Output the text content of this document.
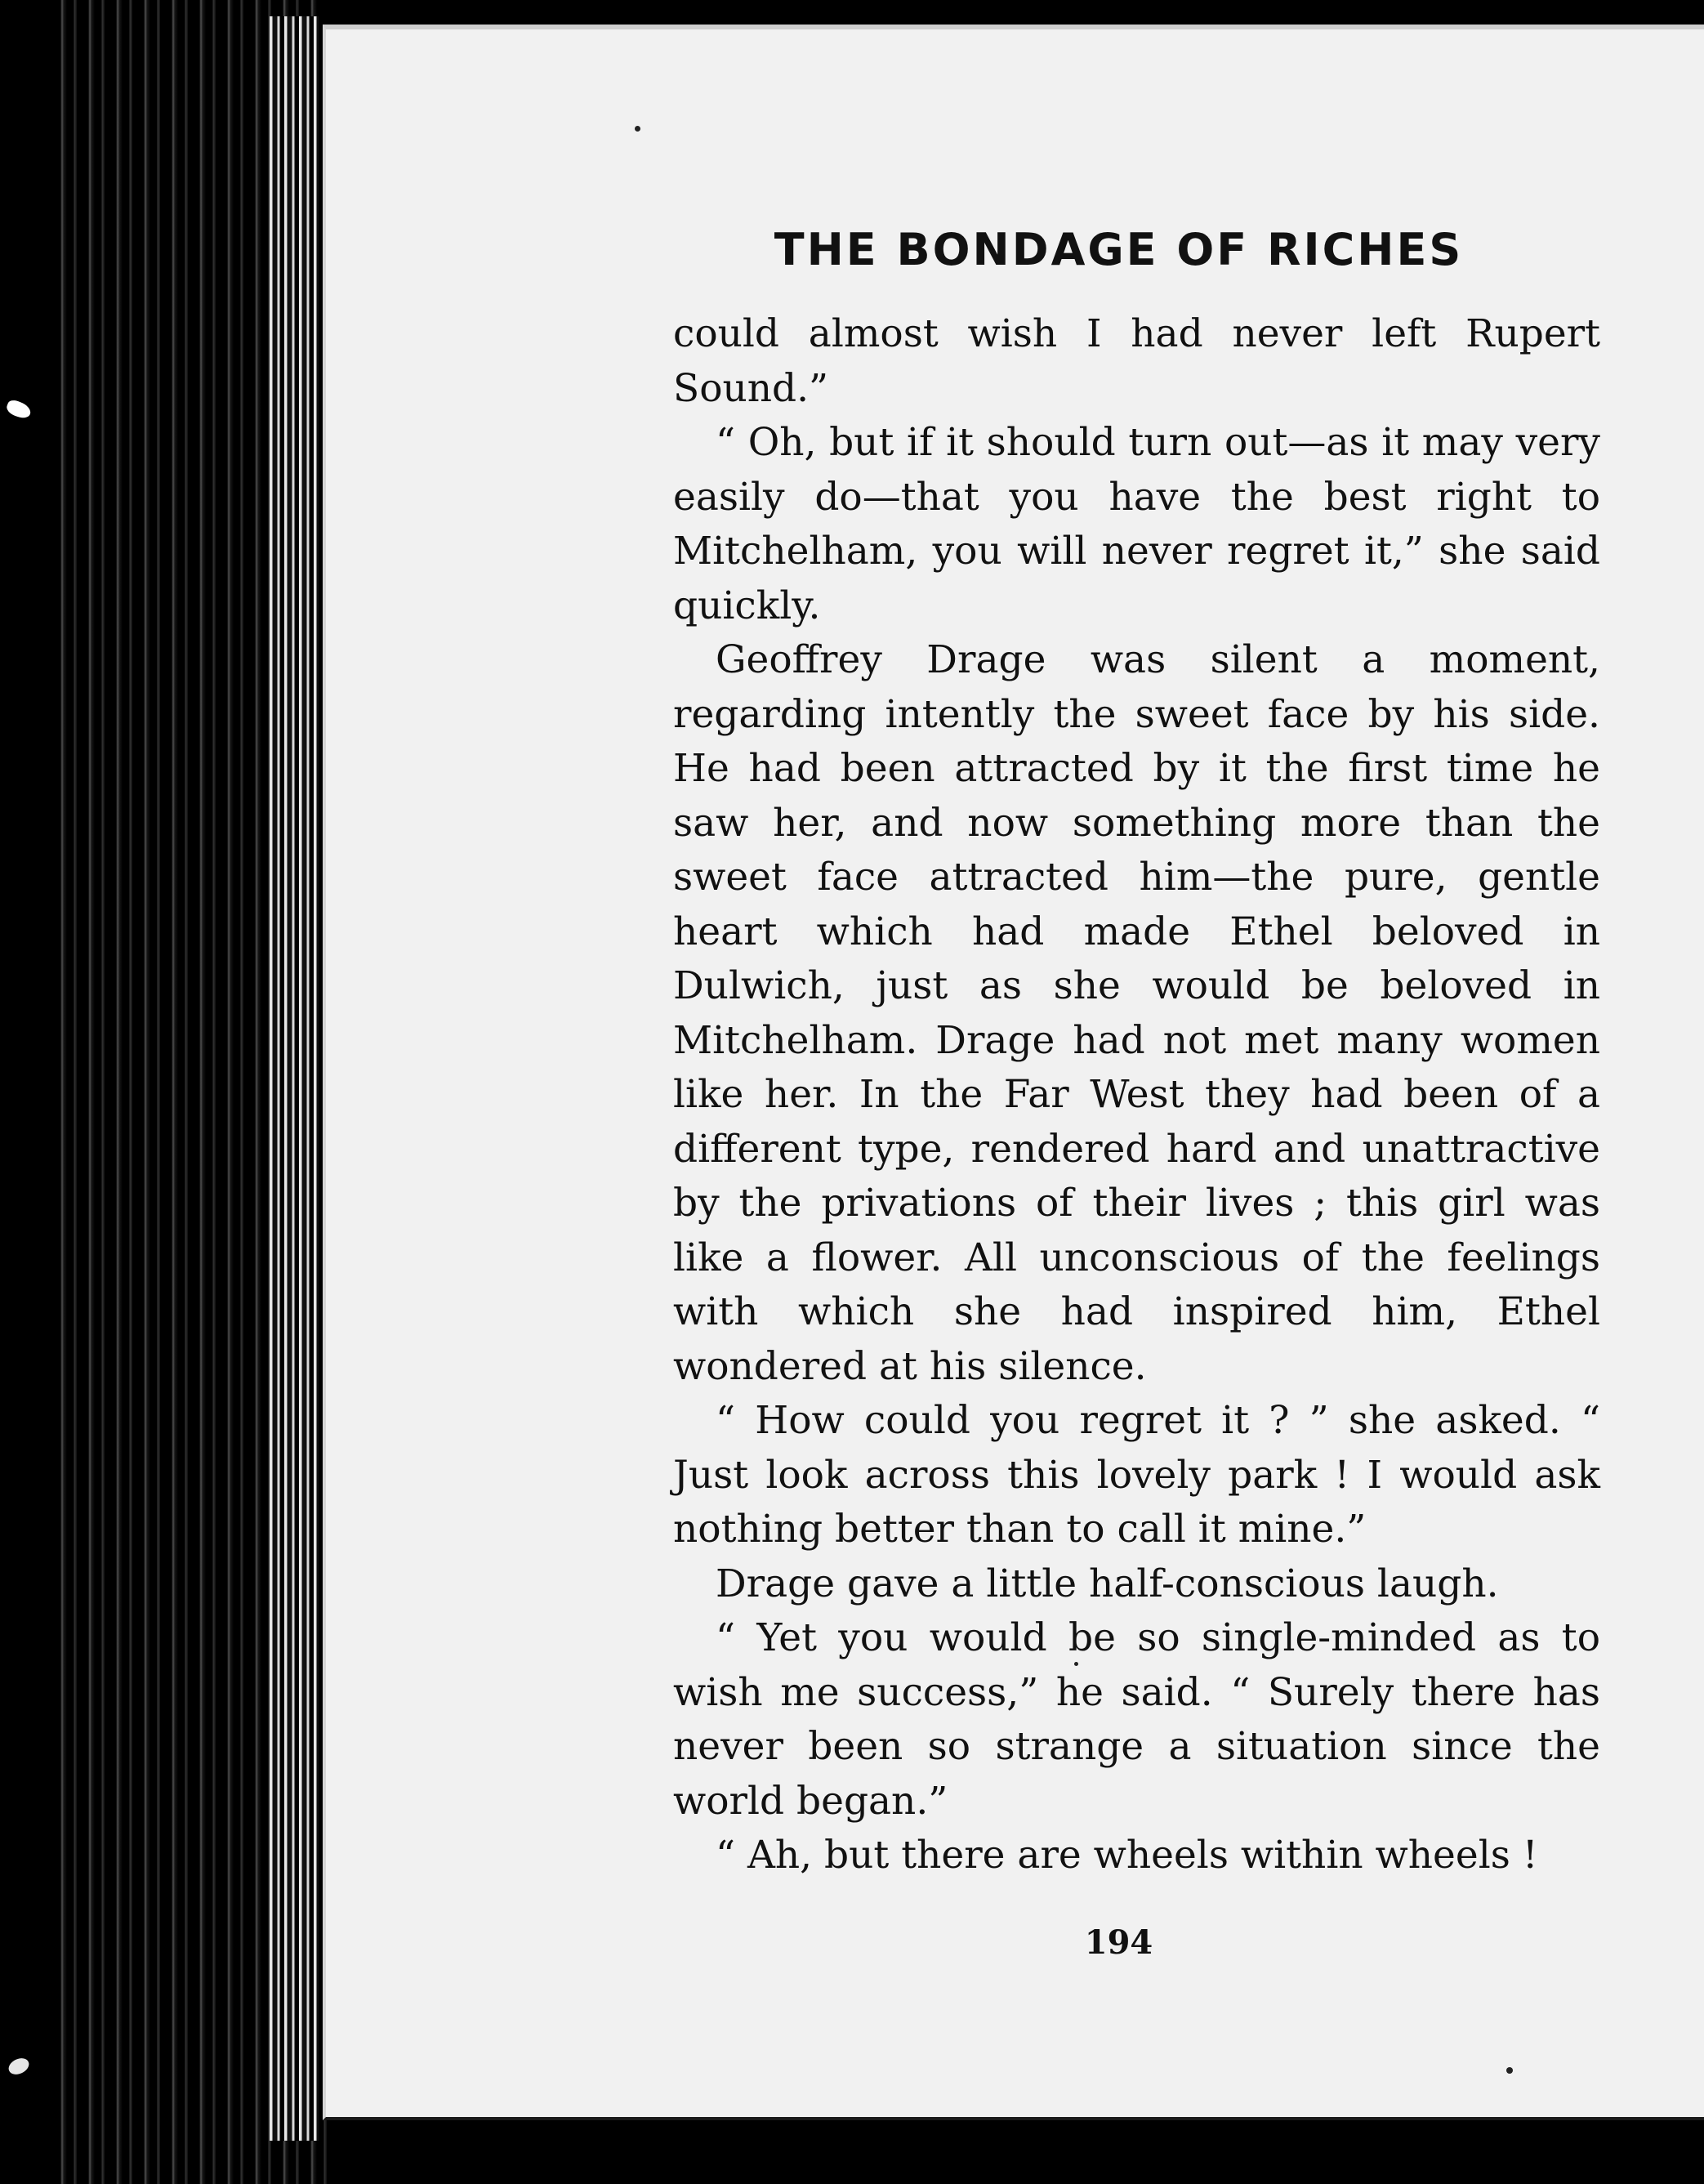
THE BONDAGE OF RICHES

could almost wish I had never left Rupert Sound.”

“ Oh, but if it should turn out—as it may very easily do—that you have the best right to Mitchelham, you will never regret it,” she said quickly.

Geoffrey Drage was silent a moment, regarding intently the sweet face by his side. He had been attracted by it the first time he saw her, and now something more than the sweet face attracted him—the pure, gentle heart which had made Ethel beloved in Dulwich, just as she would be beloved in Mitchelham. Drage had not met many women like her. In the Far West they had been of a different type, rendered hard and unattractive by the privations of their lives ; this girl was like a flower. All unconscious of the feelings with which she had inspired him, Ethel wondered at his silence.

“ How could you regret it ? ” she asked. “ Just look across this lovely park ! I would ask nothing better than to call it mine.”

Drage gave a little half-conscious laugh.

“ Yet you would be so single-minded as to wish me success,” he said. “ Surely there has never been so strange a situation since the world began.”

“ Ah, but there are wheels within wheels !

194
